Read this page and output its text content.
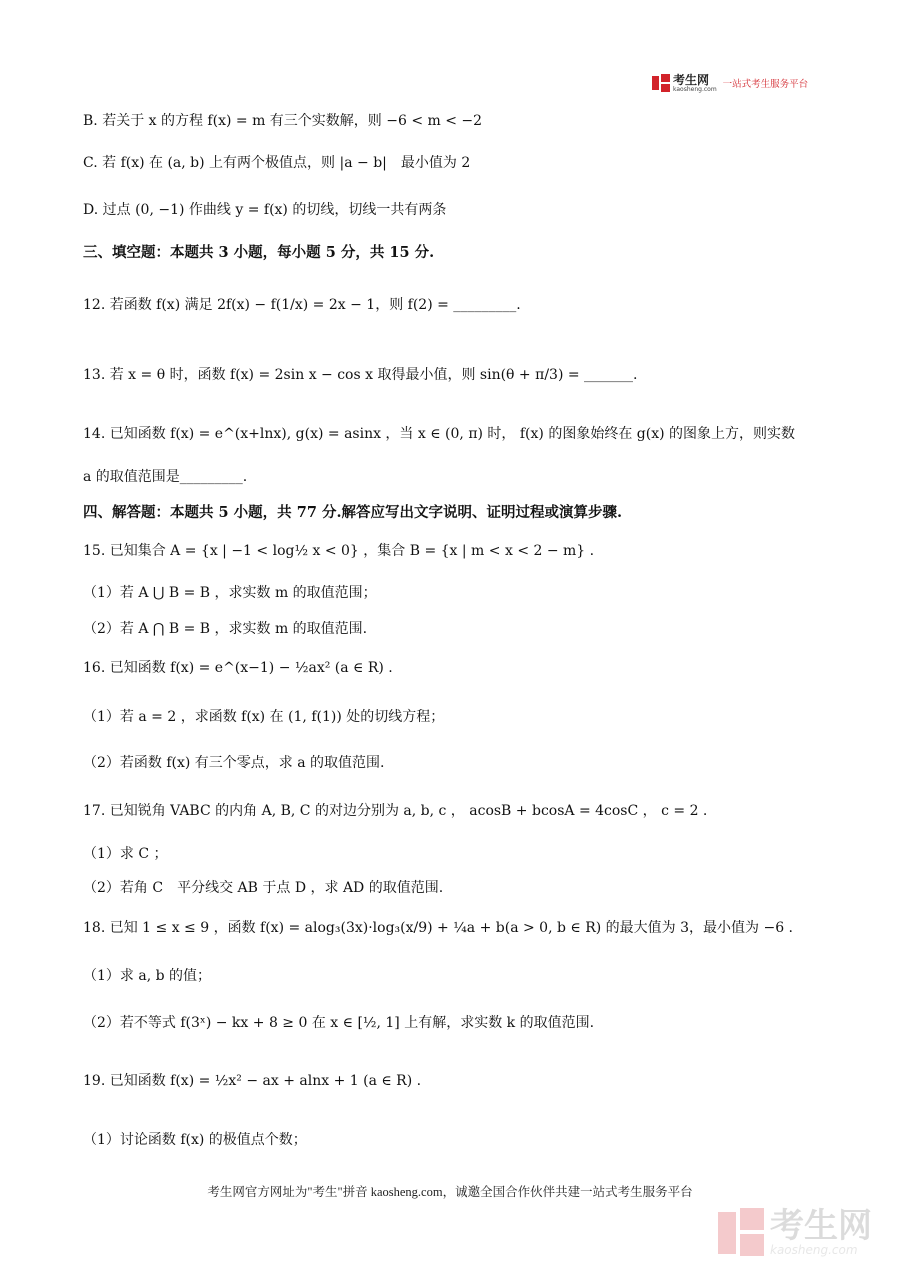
考生网
kaosheng.com 一站式考生服务平台
B. 若关于 x 的方程 f(x) = m 有三个实数解，则 −6 < m < −2
C. 若 f(x) 在 (a, b) 上有两个极值点，则 |a − b|　最小值为 2
D. 过点 (0, −1) 作曲线 y = f(x) 的切线，切线一共有两条
三、填空题：本题共 3 小题，每小题 5 分，共 15 分.
12. 若函数 f(x) 满足 2f(x) − f(1/x) = 2x − 1，则 f(2) = _________.
13. 若 x = θ 时，函数 f(x) = 2sin x − cos x 取得最小值，则 sin(θ + π/3) = _______.
14. 已知函数 f(x) = e^(x+lnx), g(x) = asinx ，当 x ∈ (0, π) 时， f(x) 的图象始终在 g(x) 的图象上方，则实数
a 的取值范围是_________.
四、解答题：本题共 5 小题，共 77 分.解答应写出文字说明、证明过程或演算步骤.
15. 已知集合 A = {x | −1 < log½ x < 0} ，集合 B = {x | m < x < 2 − m} .
（1）若 A ⋃ B = B ，求实数 m 的取值范围；
（2）若 A ⋂ B = B ，求实数 m 的取值范围.
16. 已知函数 f(x) = e^(x−1) − ½ax² (a ∈ R) .
（1）若 a = 2 ，求函数 f(x) 在 (1, f(1)) 处的切线方程；
（2）若函数 f(x) 有三个零点，求 a 的取值范围.
17. 已知锐角 VABC 的内角 A, B, C 的对边分别为 a, b, c ， acosB + bcosA = 4cosC ， c = 2 .
（1）求 C ；
（2）若角 C　平分线交 AB 于点 D ，求 AD 的取值范围.
18. 已知 1 ≤ x ≤ 9 ，函数 f(x) = alog₃(3x)·log₃(x/9) + ¼a + b(a > 0, b ∈ R) 的最大值为 3，最小值为 −6 .
（1）求 a, b 的值；
（2）若不等式 f(3ˣ) − kx + 8 ≥ 0 在 x ∈ [½, 1] 上有解，求实数 k 的取值范围.
19. 已知函数 f(x) = ½x² − ax + alnx + 1 (a ∈ R) .
（1）讨论函数 f(x) 的极值点个数；
考生网官方网址为"考生"拼音 kaosheng.com，诚邀全国合作伙伴共建一站式考生服务平台
考生网
kaosheng.com
